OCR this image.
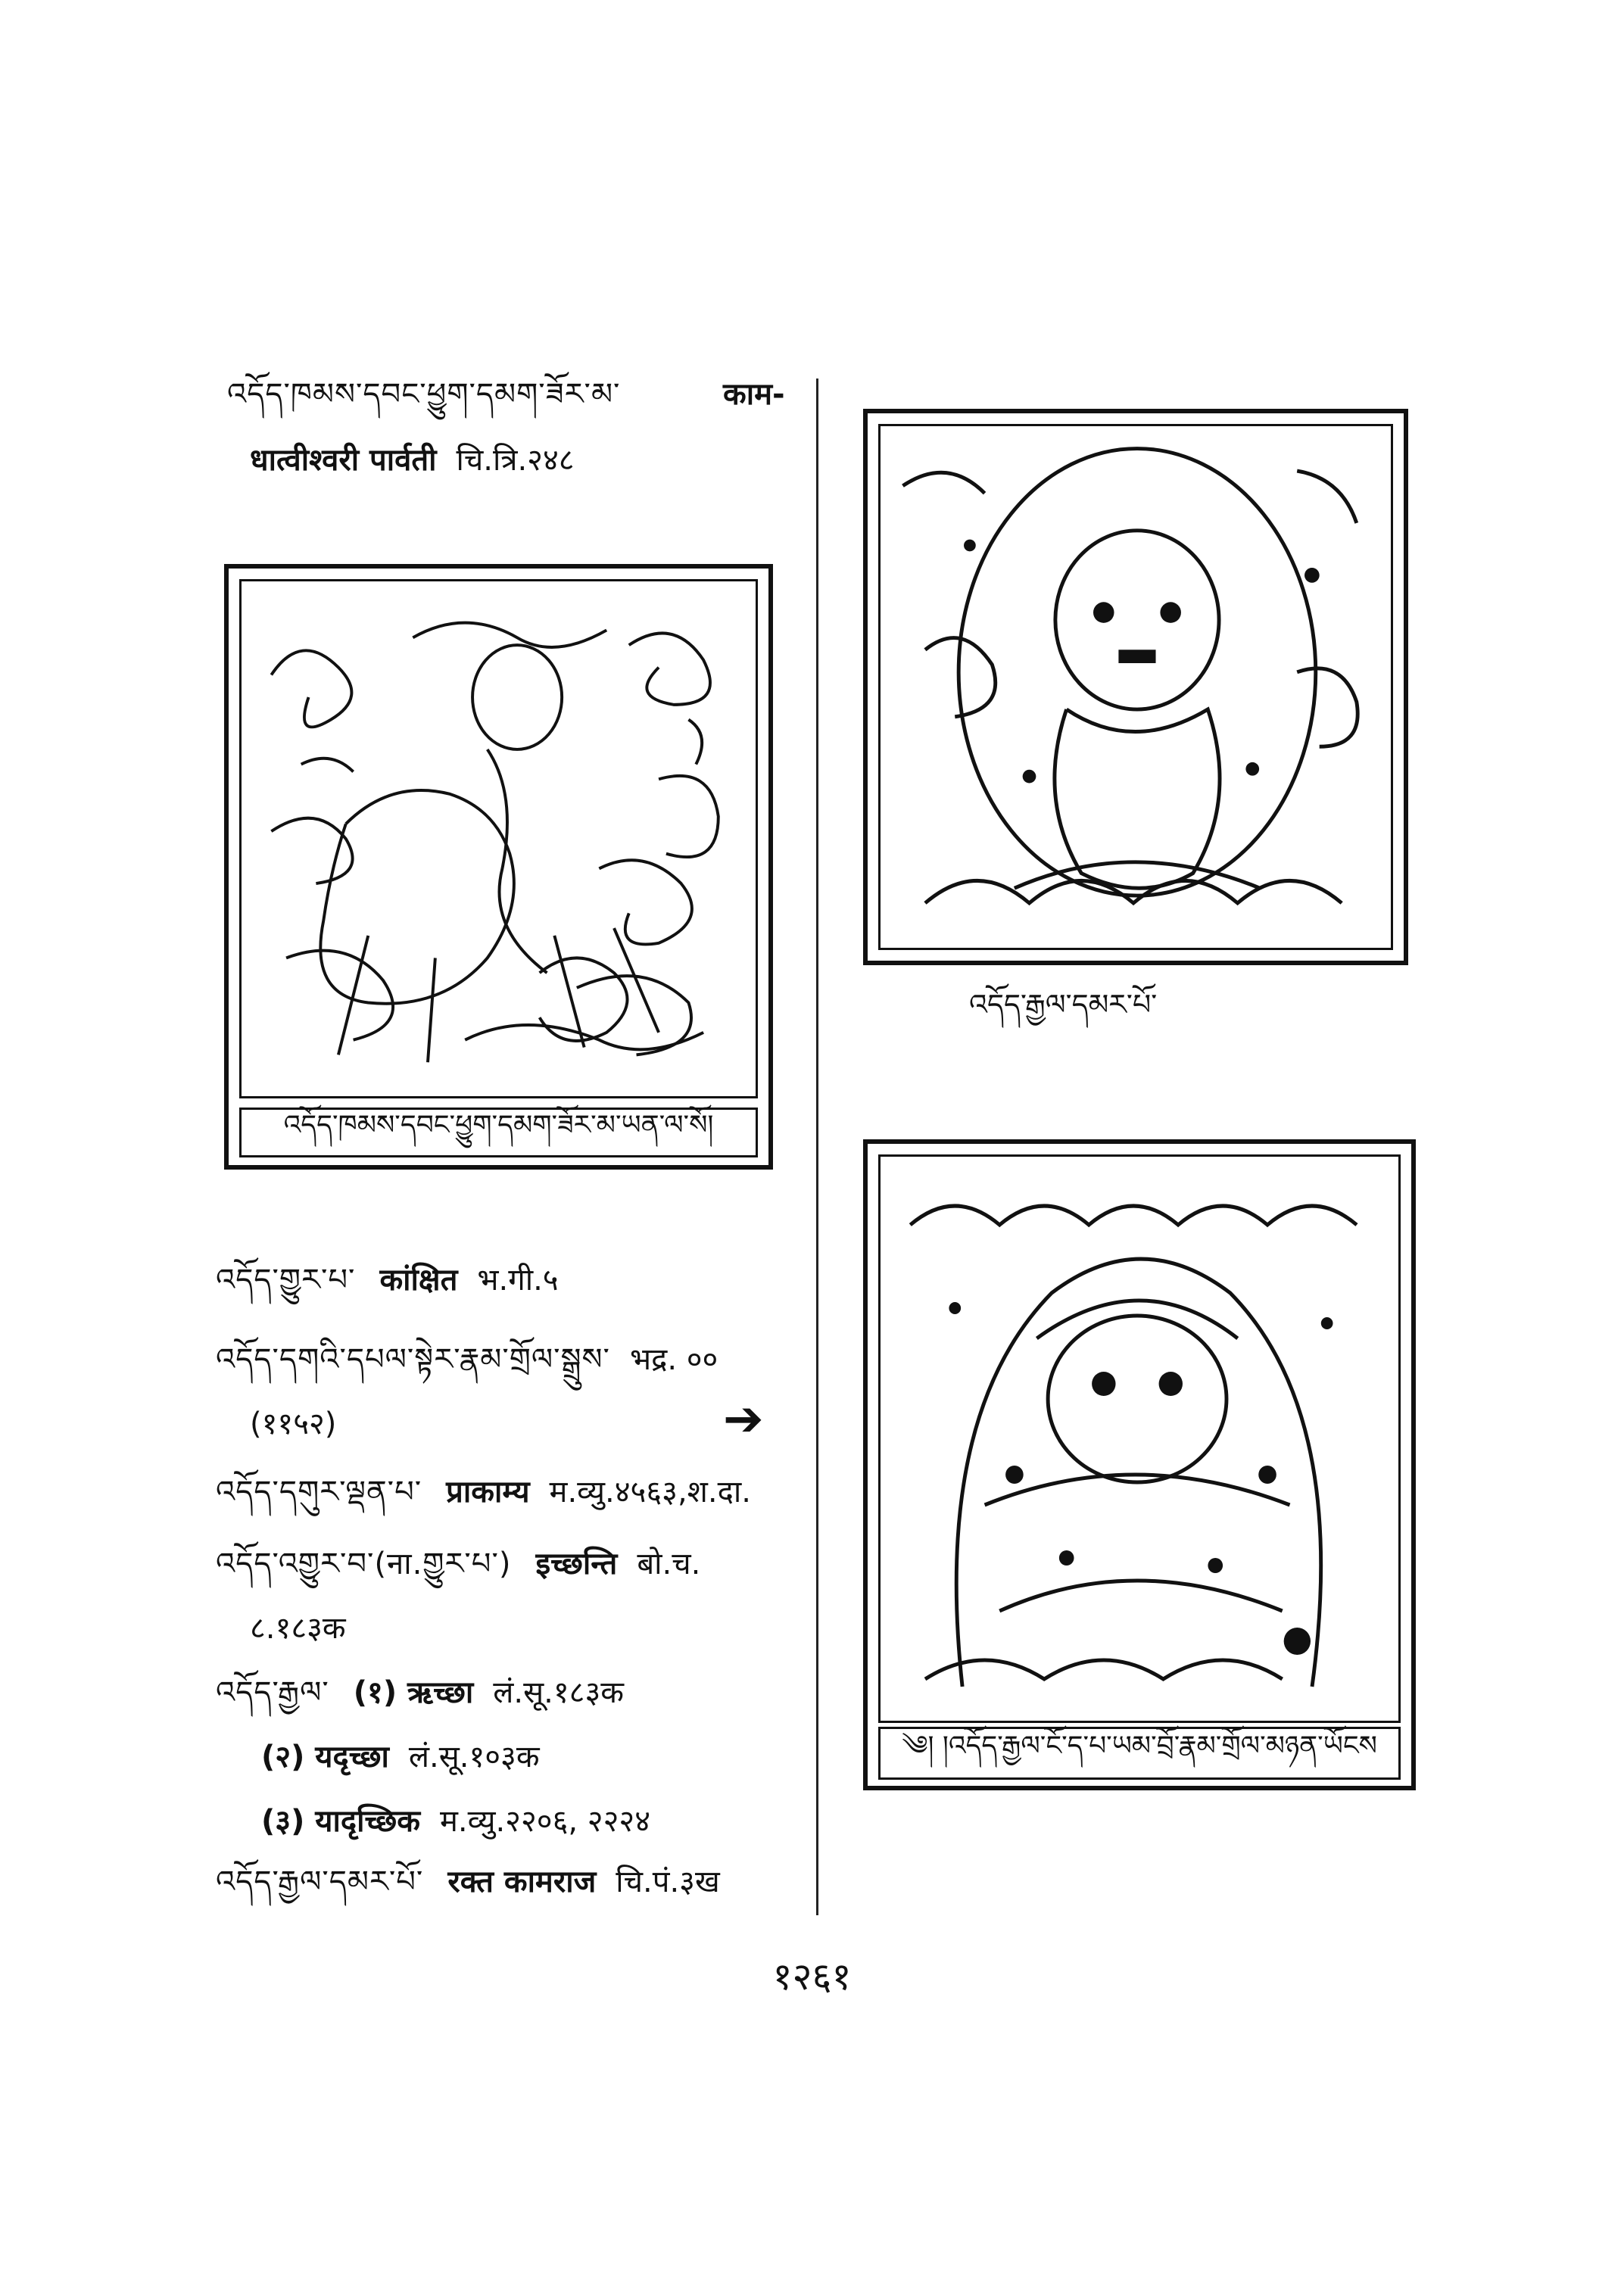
འདོད་ཁམས་དབང་ཕྱུག་དམག་ཟོར་མ་	काम-
धात्वीश्वरी पार्वती चि.त्रि.२४८
འདོད་ཁམས་དབང་ཕྱུག་དམག་ཟོར་མ་ཡན་ལ་སོ།
འདོད་རྒྱལ་དམར་པོ་
༄། །འདོད་རྒྱལ་ངོ་ད་པ་ཡམ་བྲོ་རྣམ་གྲོལ་མཉན་ཡོངས
འདོད་གྱུར་པ་ कांक्षित भ.गी.५
འདོད་དགའི་དཔལ་སྟེར་རྣམ་གྲོལ་སྒྲུས་ भद्र. ००
(११५२)	➔
འདོད་དགུར་ལྡན་པ་ प्राकाम्य म.व्यु.४५६३,श.दा.
འདོད་འགྱུར་བ་(ना.གྱུར་པ་) इच्छन्ति बो.च.
८.१८३क
འདོད་རྒྱལ་ (१) ऋच्छा लं.सू.१८३क
(२) यदृच्छा लं.सू.१०३क
(३) यादृच्छिक म.व्यु.२२०६, २२२४
འདོད་རྒྱལ་དམར་པོ་ रक्त कामराज चि.पं.३ख
१२६१
